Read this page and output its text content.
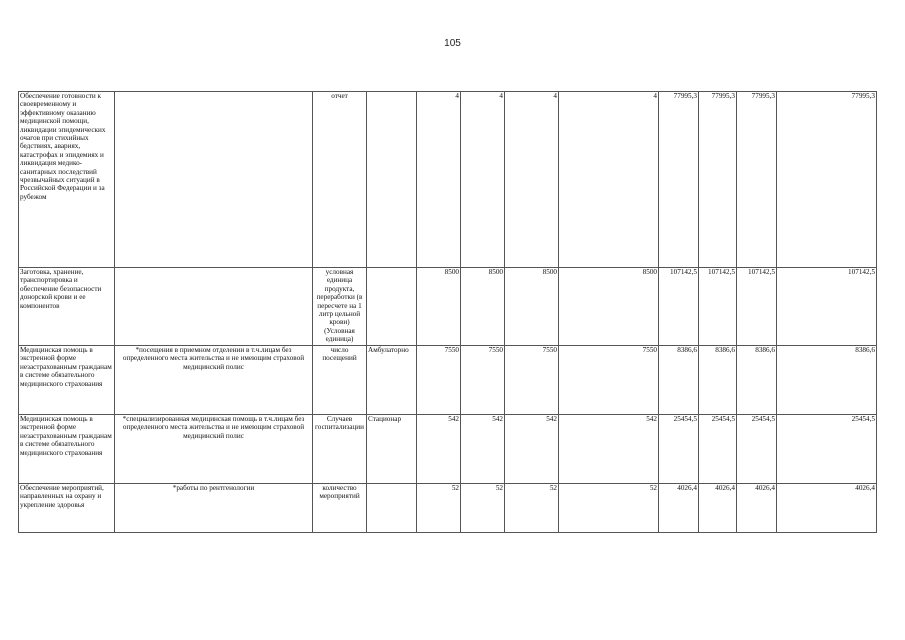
105
Обеспечение готовности к своевременному и эффективному оказанию медицинской помощи, ликвидации эпидемических очагов при стихийных бедствиях, авариях, катастрофах и эпидемиях и ликвидация медико-санитарных последствий чрезвычайных ситуаций в Российской Федерации и за рубежом		отчет		4	4	4	4	77995,3	77995,3	77995,3	77995,3
Заготовка, хранение, транспортировка и обеспечение безопасности донорской крови и ее компонентов		условная единица продукта, переработки (в пересчете на 1 литр цельной крови) (Условная единица)		8500	8500	8500	8500	107142,5	107142,5	107142,5	107142,5
Медицинская помощь в экстренной форме незастрахованным гражданам в системе обязательного медицинского страхования	*посещения в приемном отделении в т.ч.лицам без определенного места жительства и не имеющим страховой медицинский полис	число посещений	Амбулаторно	7550	7550	7550	7550	8386,6	8386,6	8386,6	8386,6
Медицинская помощь в экстренной форме незастрахованным гражданам в системе обязательного медицинского страхования	*специализированная медицинская помощь в т.ч.лицам без определенного места жительства и не имеющим страховой медицинский полис	Случаев госпитализации	Стационар	542	542	542	542	25454,5	25454,5	25454,5	25454,5
Обеспечение мероприятий, направленных на охрану и укрепление здоровья	*работы по рентгенологии	количество мероприятий		52	52	52	52	4026,4	4026,4	4026,4	4026,4
